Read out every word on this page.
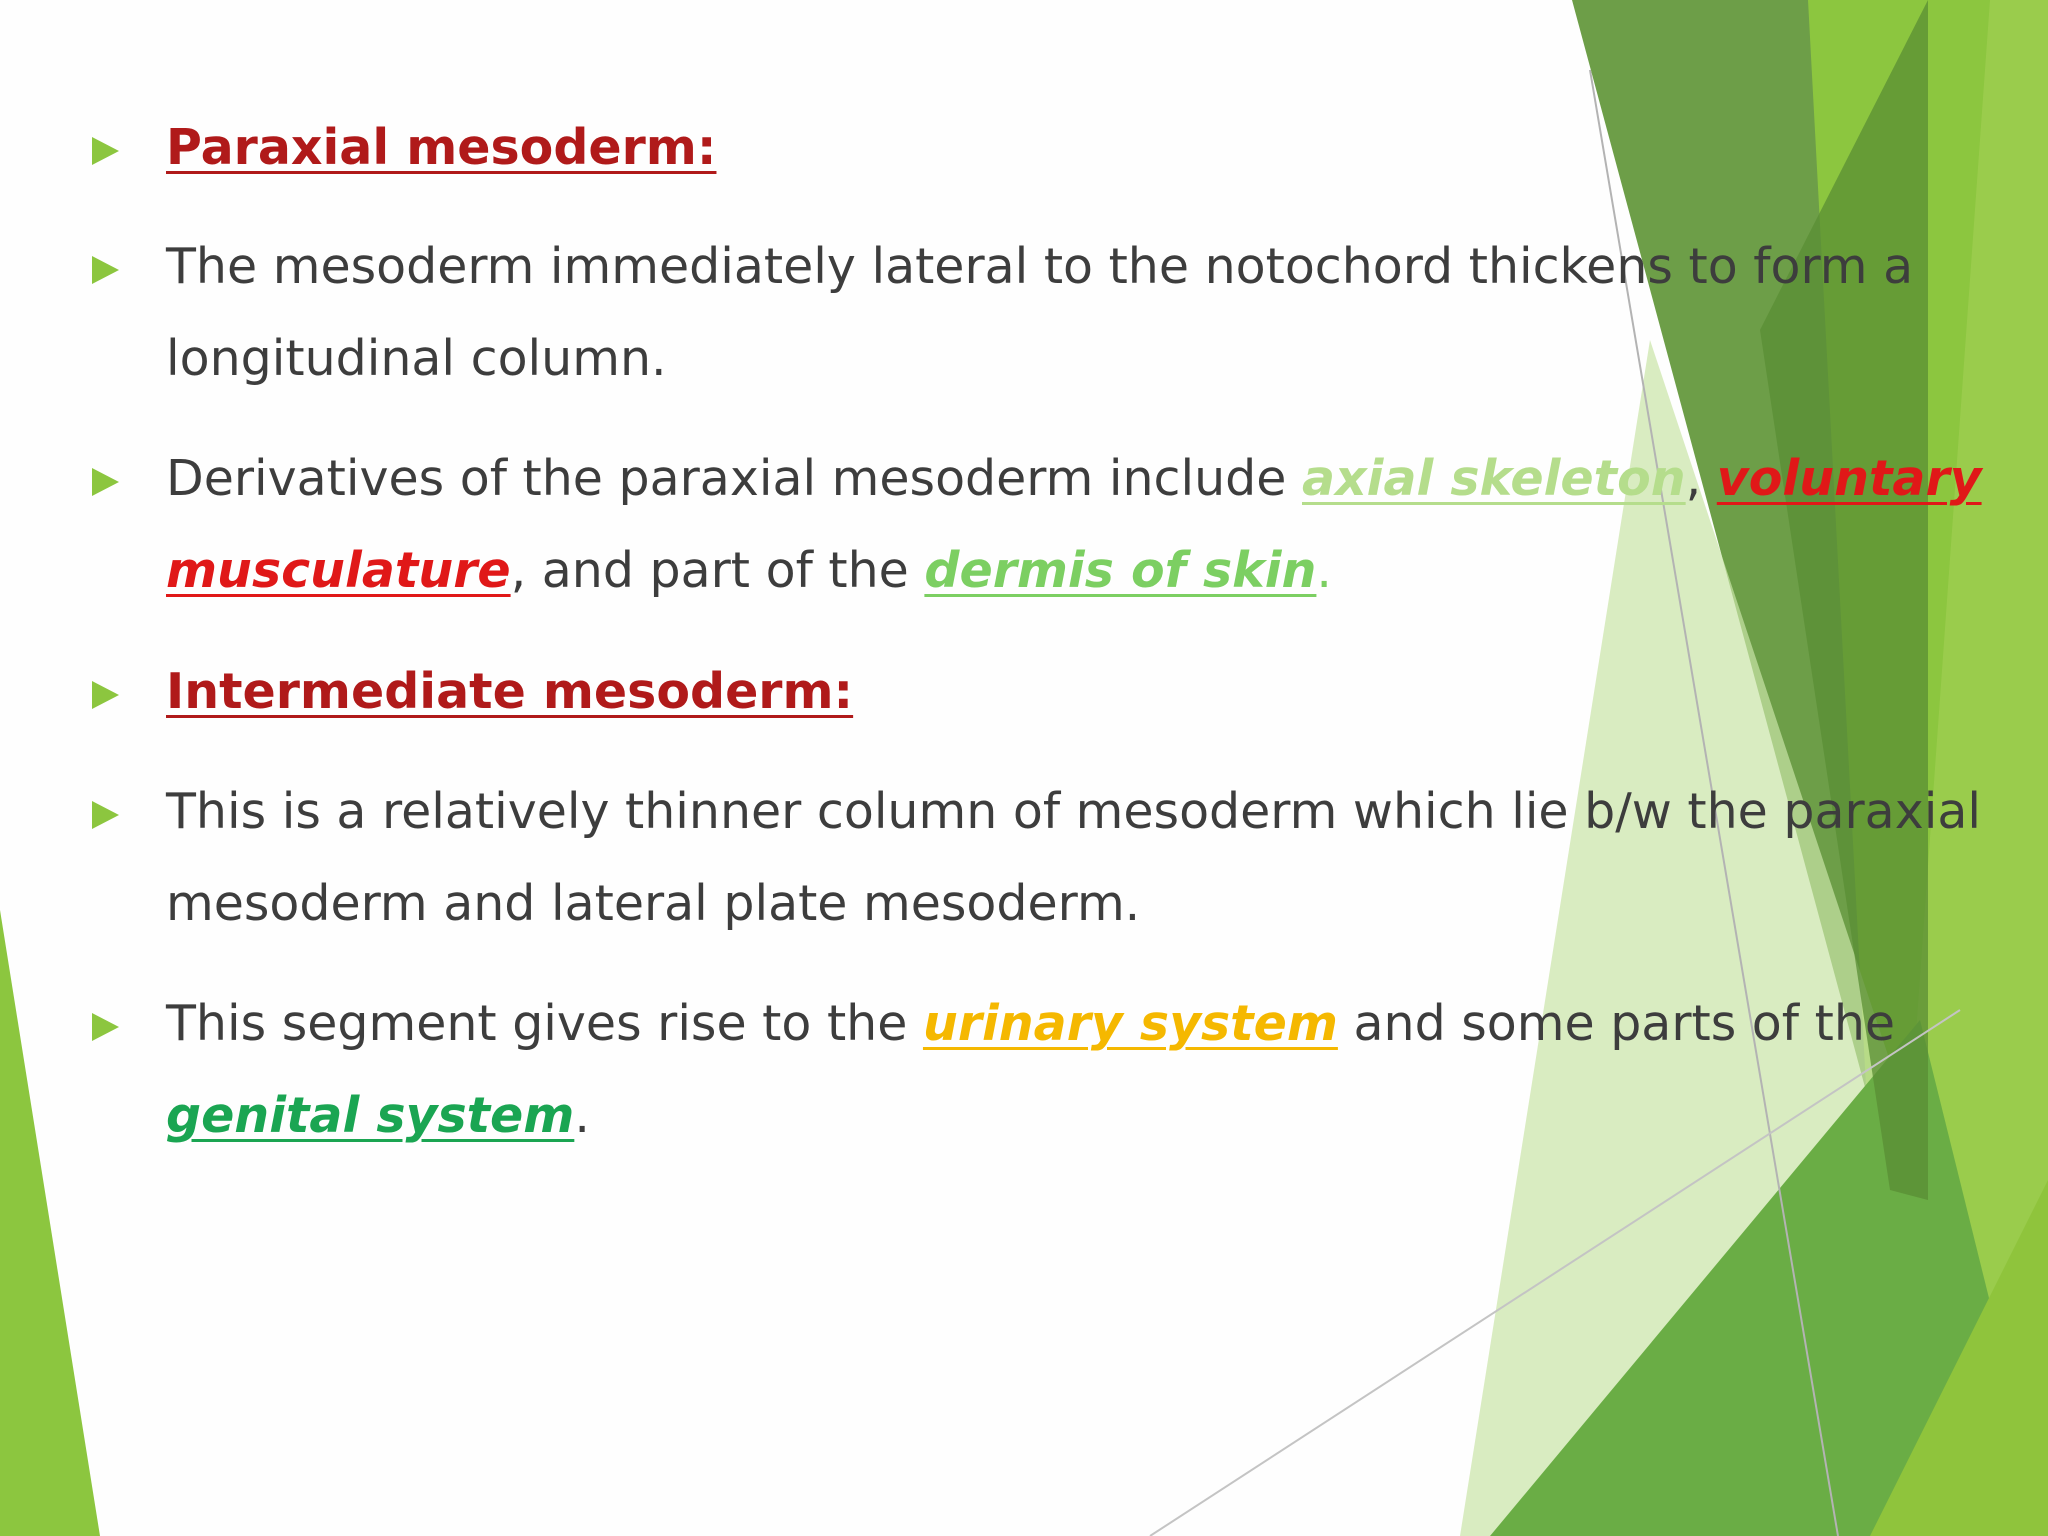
Paraxial mesoderm:
The mesoderm immediately lateral to the notochord thickens to form a
longitudinal column.
Derivatives of the paraxial mesoderm include axial skeleton, voluntary
musculature, and part of the dermis of skin.
Intermediate mesoderm:
This is a relatively thinner column of mesoderm which lie b/w the paraxial
mesoderm and lateral plate mesoderm.
This segment gives rise to the urinary system and some parts of the
genital system.
